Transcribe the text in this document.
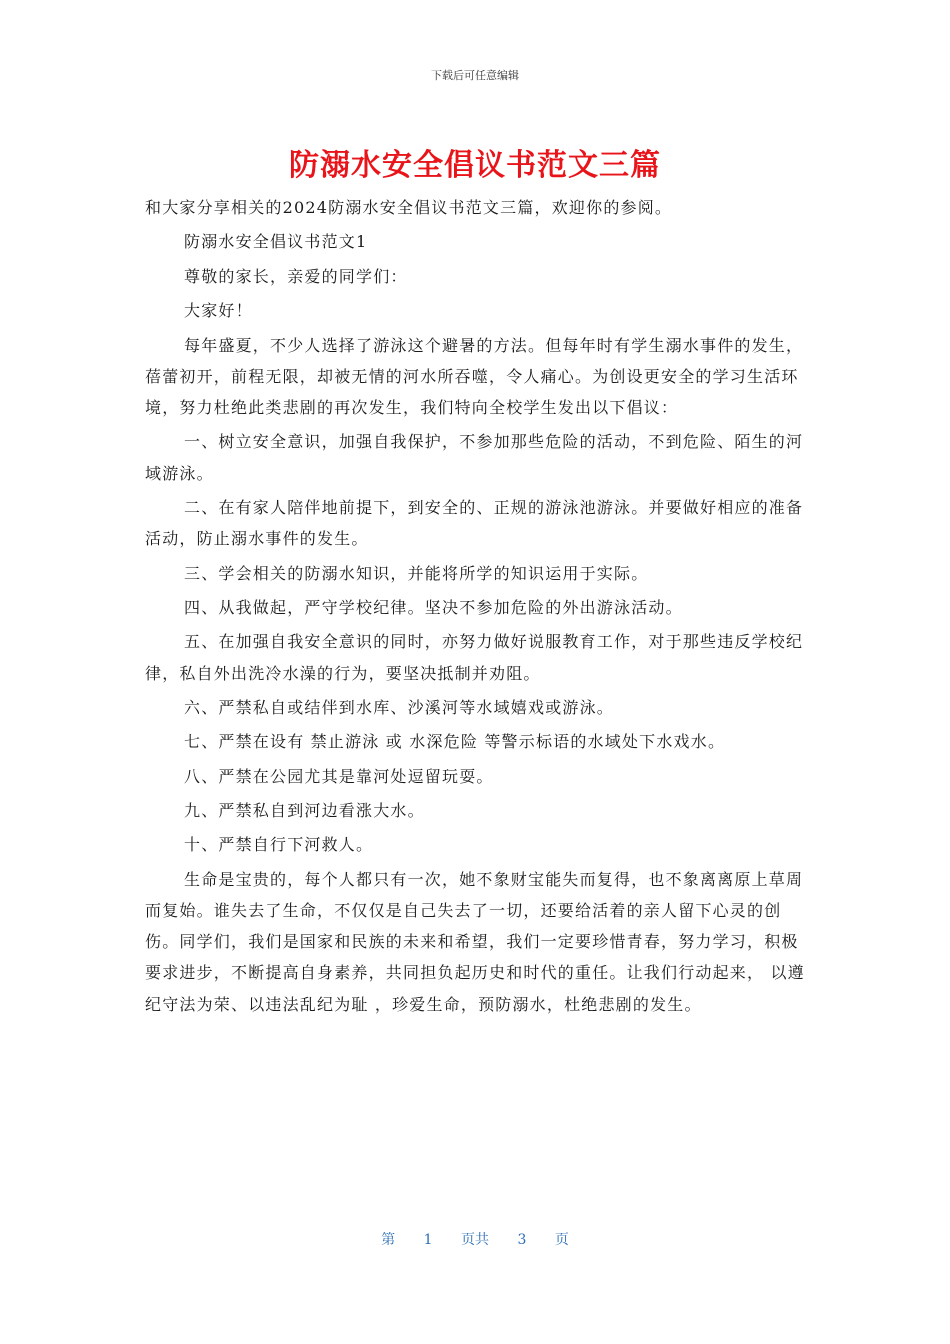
下载后可任意编辑
防溺水安全倡议书范文三篇

和大家分享相关的2024防溺水安全倡议书范文三篇，欢迎你的参阅。

防溺水安全倡议书范文1

尊敬的家长，亲爱的同学们：

大家好！

每年盛夏，不少人选择了游泳这个避暑的方法。但每年时有学生溺水事件的发生，蓓蕾初开，前程无限，却被无情的河水所吞噬，令人痛心。为创设更安全的学习生活环境，努力杜绝此类悲剧的再次发生，我们特向全校学生发出以下倡议：

一、树立安全意识，加强自我保护，不参加那些危险的活动，不到危险、陌生的河域游泳。

二、在有家人陪伴地前提下，到安全的、正规的游泳池游泳。并要做好相应的准备活动，防止溺水事件的发生。

三、学会相关的防溺水知识，并能将所学的知识运用于实际。

四、从我做起，严守学校纪律。坚决不参加危险的外出游泳活动。

五、在加强自我安全意识的同时，亦努力做好说服教育工作，对于那些违反学校纪律，私自外出洗冷水澡的行为，要坚决抵制并劝阻。

六、严禁私自或结伴到水库、沙溪河等水域嬉戏或游泳。

七、严禁在设有 禁止游泳 或 水深危险 等警示标语的水域处下水戏水。

八、严禁在公园尤其是靠河处逗留玩耍。

九、严禁私自到河边看涨大水。

十、严禁自行下河救人。

生命是宝贵的，每个人都只有一次，她不象财宝能失而复得，也不象离离原上草周而复始。谁失去了生命，不仅仅是自己失去了一切，还要给活着的亲人留下心灵的创伤。同学们，我们是国家和民族的未来和希望，我们一定要珍惜青春，努力学习，积极要求进步，不断提高自身素养，共同担负起历史和时代的重任。让我们行动起来， 以遵纪守法为荣、以违法乱纪为耻 ，珍爱生命，预防溺水，杜绝悲剧的发生。

第 1 页共 3 页
